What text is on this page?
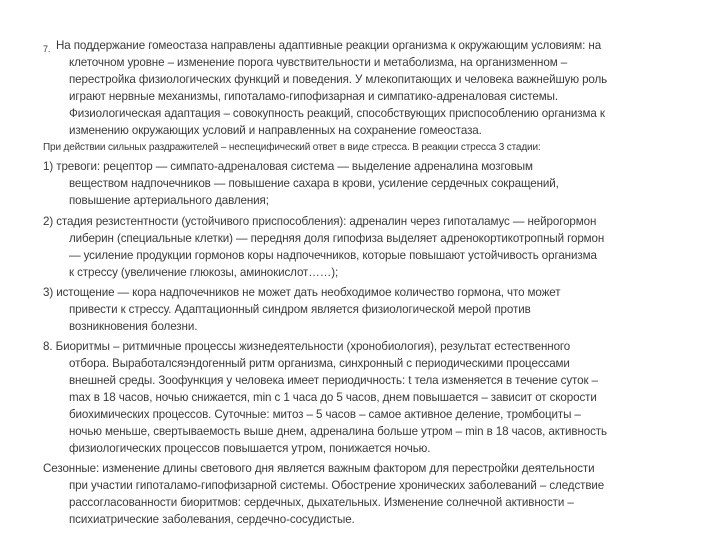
7. На поддержание гомеостаза направлены адаптивные реакции организма к окружающим условиям: на
клеточном уровне – изменение порога чувствительности и метаболизма, на организменном –
перестройка физиологических функций и поведения. У млекопитающих и человека важнейшую роль
играют нервные механизмы, гипоталамо-гипофизарная и симпатико-адреналовая системы.
Физиологическая адаптация – совокупность реакций, способствующих приспособлению организма к
изменению окружающих условий и направленных на сохранение гомеостаза.
При действии сильных раздражителей – неспецифический ответ в виде стресса. В реакции стресса 3 стадии:
1) тревоги: рецептор — симпато-адреналовая система — выделение адреналина мозговым
веществом надпочечников — повышение сахара в крови, усиление сердечных сокращений,
повышение артериального давления;
2) стадия резистентности (устойчивого приспособления): адреналин через гипоталамус — нейрогормон
либерин (специальные клетки) — передняя доля гипофиза выделяет адренокортикотропный гормон
— усиление продукции гормонов коры надпочечников, которые повышают устойчивость организма
к стрессу (увеличение глюкозы, аминокислот……);
3) истощение — кора надпочечников не может дать необходимое количество гормона, что может
привести к стрессу. Адаптационный синдром является физиологической мерой против
возникновения болезни.
8. Биоритмы – ритмичные процессы жизнедеятельности (хронобиология), результат естественного
отбора. Выработалсяэндогенный ритм организма, синхронный с периодическими процессами
внешней среды. Зоофункция у человека имеет периодичность: t тела изменяется в течение суток –
max в 18 часов, ночью снижается, min с 1 часа до 5 часов, днем повышается – зависит от скорости
биохимических процессов. Суточные: митоз – 5 часов – самое активное деление, тромбоциты –
ночью меньше, свертываемость выше днем, адреналина больше утром – min в 18 часов, активность
физиологических процессов повышается утром, понижается ночью.
Сезонные: изменение длины светового дня является важным фактором для перестройки деятельности
при участии гипоталамо-гипофизарной системы. Обострение хронических заболеваний – следствие
рассогласованности биоритмов: сердечных, дыхательных. Изменение солнечной активности –
психиатрические заболевания, сердечно-сосудистые.
